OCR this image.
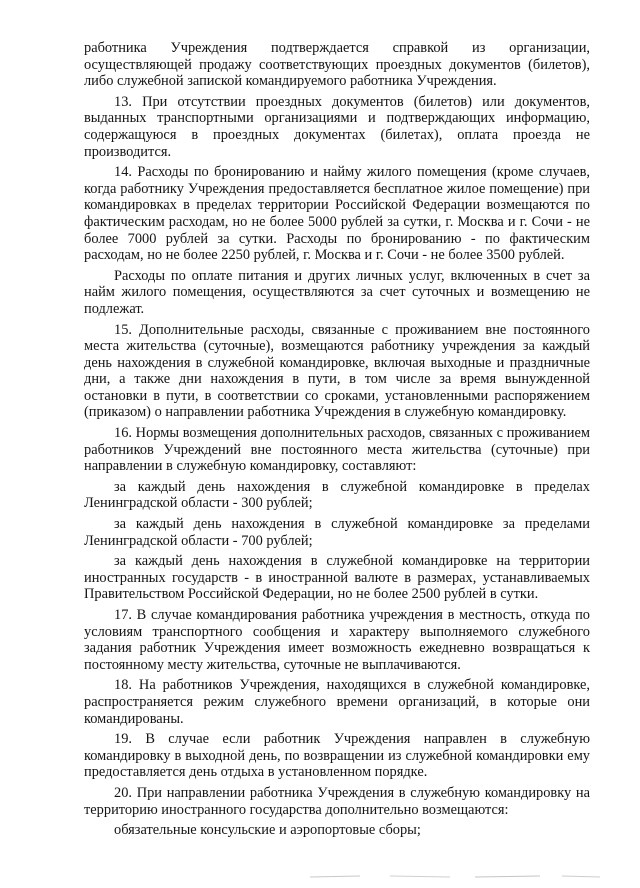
работника Учреждения подтверждается справкой из организации, осуществляющей продажу соответствующих проездных документов (билетов), либо служебной запиской командируемого работника Учреждения.

13. При отсутствии проездных документов (билетов) или документов, выданных транспортными организациями и подтверждающих информацию, содержащуюся в проездных документах (билетах), оплата проезда не производится.

14. Расходы по бронированию и найму жилого помещения (кроме случаев, когда работнику Учреждения предоставляется бесплатное жилое помещение) при командировках в пределах территории Российской Федерации возмещаются по фактическим расходам, но не более 5000 рублей за сутки, г. Москва и г. Сочи - не более 7000 рублей за сутки. Расходы по бронированию - по фактическим расходам, но не более 2250 рублей, г. Москва и г. Сочи - не более 3500 рублей.

Расходы по оплате питания и других личных услуг, включенных в счет за найм жилого помещения, осуществляются за счет суточных и возмещению не подлежат.

15. Дополнительные расходы, связанные с проживанием вне постоянного места жительства (суточные), возмещаются работнику учреждения за каждый день нахождения в служебной командировке, включая выходные и праздничные дни, а также дни нахождения в пути, в том числе за время вынужденной остановки в пути, в соответствии со сроками, установленными распоряжением (приказом) о направлении работника Учреждения в служебную командировку.

16. Нормы возмещения дополнительных расходов, связанных с проживанием работников Учреждений вне постоянного места жительства (суточные) при направлении в служебную командировку, составляют:

за каждый день нахождения в служебной командировке в пределах Ленинградской области - 300 рублей;

за каждый день нахождения в служебной командировке за пределами Ленинградской области - 700 рублей;

за каждый день нахождения в служебной командировке на территории иностранных государств - в иностранной валюте в размерах, устанавливаемых Правительством Российской Федерации, но не более 2500 рублей в сутки.

17. В случае командирования работника учреждения в местность, откуда по условиям транспортного сообщения и характеру выполняемого служебного задания работник Учреждения имеет возможность ежедневно возвращаться к постоянному месту жительства, суточные не выплачиваются.

18. На работников Учреждения, находящихся в служебной командировке, распространяется режим служебного времени организаций, в которые они командированы.

19. В случае если работник Учреждения направлен в служебную командировку в выходной день, по возвращении из служебной командировки ему предоставляется день отдыха в установленном порядке.

20. При направлении работника Учреждения в служебную командировку на территорию иностранного государства дополнительно возмещаются:

обязательные консульские и аэропортовые сборы;
